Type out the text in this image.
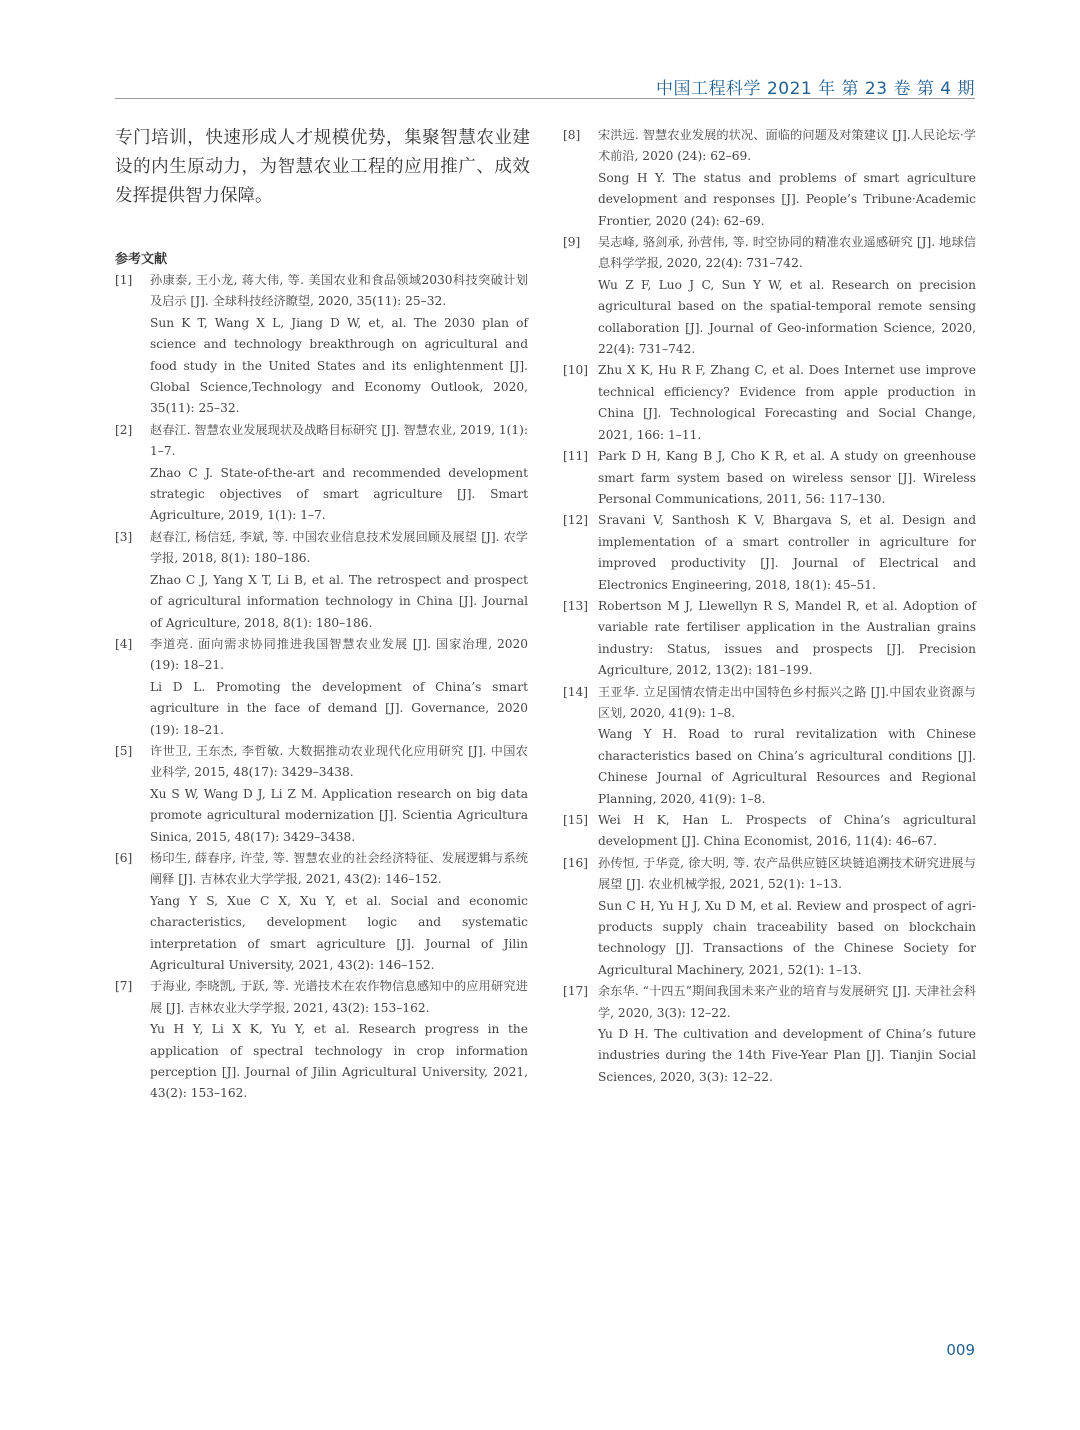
中国工程科学 2021 年 第 23 卷 第 4 期
专门培训，快速形成人才规模优势，集聚智慧农业建设的内生原动力，为智慧农业工程的应用推广、成效发挥提供智力保障。
参考文献
[1] 孙康泰, 王小龙, 蒋大伟, 等. 美国农业和食品领域2030科技突破计划及启示 [J]. 全球科技经济瞭望, 2020, 35(11): 25–32.
Sun K T, Wang X L, Jiang D W, et, al. The 2030 plan of science and technology breakthrough on agricultural and food study in the United States and its enlightenment [J]. Global Science,Technology and Economy Outlook, 2020, 35(11): 25–32.
[2] 赵春江. 智慧农业发展现状及战略目标研究 [J]. 智慧农业, 2019, 1(1): 1–7.
Zhao C J. State-of-the-art and recommended development strategic objectives of smart agriculture [J]. Smart Agriculture, 2019, 1(1): 1–7.
[3] 赵春江, 杨信廷, 李斌, 等. 中国农业信息技术发展回顾及展望 [J]. 农学学报, 2018, 8(1): 180–186.
Zhao C J, Yang X T, Li B, et al. The retrospect and prospect of agricultural information technology in China [J]. Journal of Agriculture, 2018, 8(1): 180–186.
[4] 李道亮. 面向需求协同推进我国智慧农业发展 [J]. 国家治理, 2020 (19): 18–21.
Li D L. Promoting the development of China’s smart agriculture in the face of demand [J]. Governance, 2020 (19): 18–21.
[5] 许世卫, 王东杰, 李哲敏. 大数据推动农业现代化应用研究 [J]. 中国农业科学, 2015, 48(17): 3429–3438.
Xu S W, Wang D J, Li Z M. Application research on big data promote agricultural modernization [J]. Scientia Agricultura Sinica, 2015, 48(17): 3429–3438.
[6] 杨印生, 薛春序, 许莹, 等. 智慧农业的社会经济特征、发展逻辑与系统阐释 [J]. 吉林农业大学学报, 2021, 43(2): 146–152.
Yang Y S, Xue C X, Xu Y, et al. Social and economic characteristics, development logic and systematic interpretation of smart agriculture [J]. Journal of Jilin Agricultural University, 2021, 43(2): 146–152.
[7] 于海业, 李晓凯, 于跃, 等. 光谱技术在农作物信息感知中的应用研究进展 [J]. 吉林农业大学学报, 2021, 43(2): 153–162.
Yu H Y, Li X K, Yu Y, et al. Research progress in the application of spectral technology in crop information perception [J]. Journal of Jilin Agricultural University, 2021, 43(2): 153–162.
[8] 宋洪远. 智慧农业发展的状况、面临的问题及对策建议 [J].人民论坛·学术前沿, 2020 (24): 62–69.
Song H Y. The status and problems of smart agriculture development and responses [J]. People’s Tribune·Academic Frontier, 2020 (24): 62–69.
[9] 吴志峰, 骆剑承, 孙营伟, 等. 时空协同的精准农业遥感研究 [J]. 地球信息科学学报, 2020, 22(4): 731–742.
Wu Z F, Luo J C, Sun Y W, et al. Research on precision agricultural based on the spatial-temporal remote sensing collaboration [J]. Journal of Geo-information Science, 2020, 22(4): 731–742.
[10] Zhu X K, Hu R F, Zhang C, et al. Does Internet use improve technical efficiency? Evidence from apple production in China [J]. Technological Forecasting and Social Change, 2021, 166: 1–11.
[11] Park D H, Kang B J, Cho K R, et al. A study on greenhouse smart farm system based on wireless sensor [J]. Wireless Personal Communications, 2011, 56: 117–130.
[12] Sravani V, Santhosh K V, Bhargava S, et al. Design and implementation of a smart controller in agriculture for improved productivity [J]. Journal of Electrical and Electronics Engineering, 2018, 18(1): 45–51.
[13] Robertson M J, Llewellyn R S, Mandel R, et al. Adoption of variable rate fertiliser application in the Australian grains industry: Status, issues and prospects [J]. Precision Agriculture, 2012, 13(2): 181–199.
[14] 王亚华. 立足国情农情走出中国特色乡村振兴之路 [J].中国农业资源与区划, 2020, 41(9): 1–8.
Wang Y H. Road to rural revitalization with Chinese characteristics based on China’s agricultural conditions [J]. Chinese Journal of Agricultural Resources and Regional Planning, 2020, 41(9): 1–8.
[15] Wei H K, Han L. Prospects of China’s agricultural development [J]. China Economist, 2016, 11(4): 46–67.
[16] 孙传恒, 于华竞, 徐大明, 等. 农产品供应链区块链追溯技术研究进展与展望 [J]. 农业机械学报, 2021, 52(1): 1–13.
Sun C H, Yu H J, Xu D M, et al. Review and prospect of agri-products supply chain traceability based on blockchain technology [J]. Transactions of the Chinese Society for Agricultural Machinery, 2021, 52(1): 1–13.
[17] 余东华. “十四五”期间我国未来产业的培育与发展研究 [J]. 天津社会科学, 2020, 3(3): 12–22.
Yu D H. The cultivation and development of China’s future industries during the 14th Five-Year Plan [J]. Tianjin Social Sciences, 2020, 3(3): 12–22.
009
